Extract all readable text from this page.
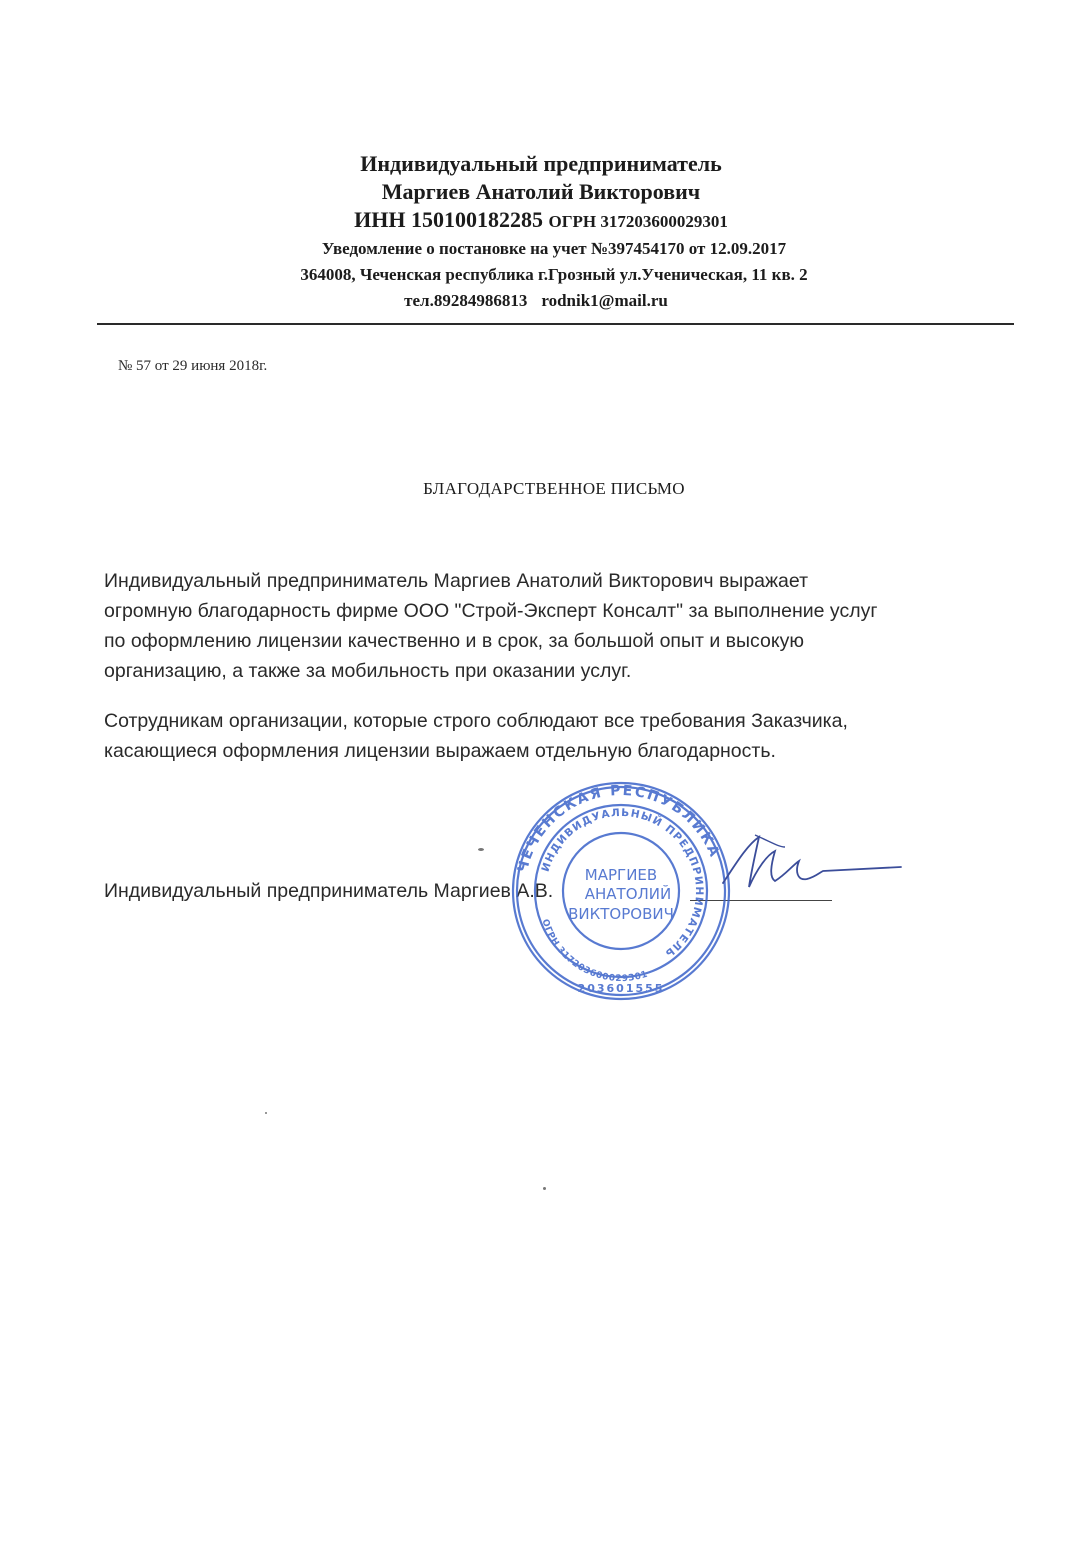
Индивидуальный предприниматель
Маргиев Анатолий Викторович
ИНН 150100182285 ОГРН 317203600029301
Уведомление о постановке на учет №397454170 от 12.09.2017
364008, Чеченская республика г.Грозный ул.Ученическая, 11 кв. 2
тел.89284986813 rodnik1@mail.ru
№ 57 от 29 июня 2018г.
БЛАГОДАРСТВЕННОЕ ПИСЬМО
Индивидуальный предприниматель Маргиев Анатолий Викторович выражает
огромную благодарность фирме ООО "Строй-Эксперт Консалт" за выполнение услуг
по оформлению лицензии качественно и в срок, за большой опыт и высокую
организацию, а также за мобильность при оказании услуг.
Сотрудникам организации, которые строго соблюдают все требования Заказчика,
касающиеся оформления лицензии выражаем отдельную благодарность.
Индивидуальный предприниматель Маргиев А.В.
ЧЕЧЕНСКАЯ РЕСПУБЛИКА
ИНДИВИДУАЛЬНЫЙ ПРЕДПРИНИМАТЕЛЬ
ОГРН 317203600029301
МАРГИЕВ
АНАТОЛИЙ
ВИКТОРОВИЧ
203601555
